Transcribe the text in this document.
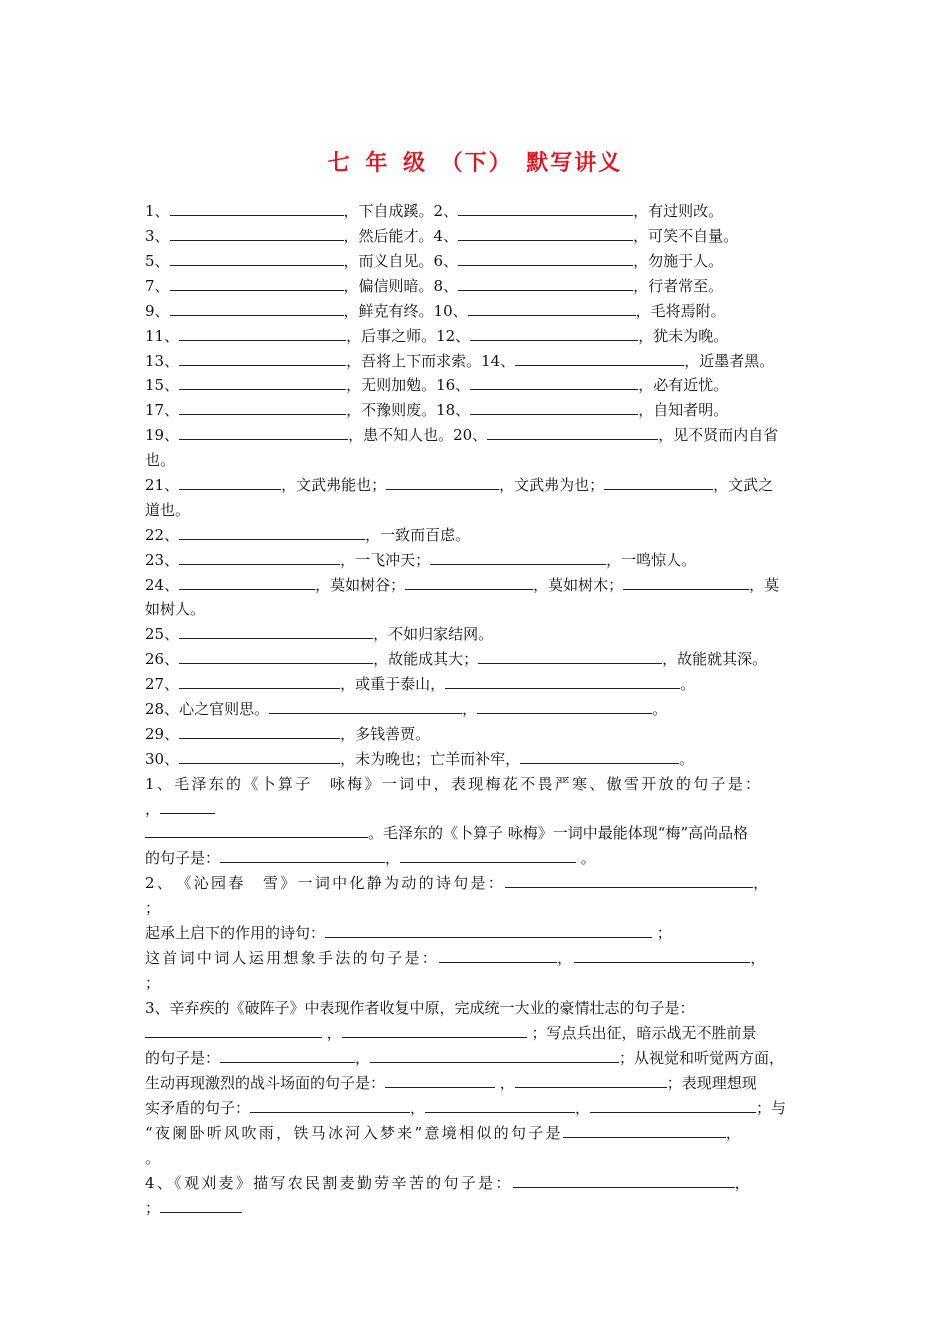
七 年 级 （下） 默写讲义
1、	，下自成蹊。2、	，有过则改。
3、	，然后能才。4、	，可笑不自量。
5、	，而义自见。6、	，勿施于人。
7、	，偏信则暗。8、	，行者常至。
9、	，鲜克有终。10、	，毛将焉附。
11、	，后事之师。12、	，犹未为晚。
13、	，吾将上下而求索。14、	，近墨者黑。
15、	，无则加勉。16、	，必有近忧。
17、	，不豫则废。18、	，自知者明。
19、	，患不知人也。20、	，见不贤而内自省
也。
21、	，文武弗能也；	，文武弗为也；	，文武之
道也。
22、	，一致而百虑。
23、	，一飞冲天；	，一鸣惊人。
24、	，莫如树谷；	，莫如树木；	，莫
如树人。
25、	，不如归家结网。
26、	，故能成其大；	，故能就其深。
27、	，或重于泰山，	。
28、心之官则思。	，	。
29、	，多钱善贾。
30、	，未为晚也；亡羊而补牢，	。
1、毛泽东的《卜算子　咏梅》一词中，表现梅花不畏严寒、傲雪开放的句子是：
，
。毛泽东的《卜算子 咏梅》一词中最能体现“梅”高尚品格
的句子是：	，	。
2、　《沁园春　雪》一词中化静为动的诗句是：	，
；
起承上启下的作用的诗句：	；
这首词中词人运用想象手法的句子是：	，	，
；
3、辛弃疾的《破阵子》中表现作者收复中原，完成统一大业的豪情壮志的句子是：
，	；写点兵出征，暗示战无不胜前景
的句子是：	，	；从视觉和听觉两方面，
生动再现激烈的战斗场面的句子是：	，	；表现理想现
实矛盾的句子：	，	，	；与
“夜阑卧听风吹雨，铁马冰河入梦来”意境相似的句子是	，
。
4、《观刈麦》描写农民割麦勤劳辛苦的句子是：	，
；
